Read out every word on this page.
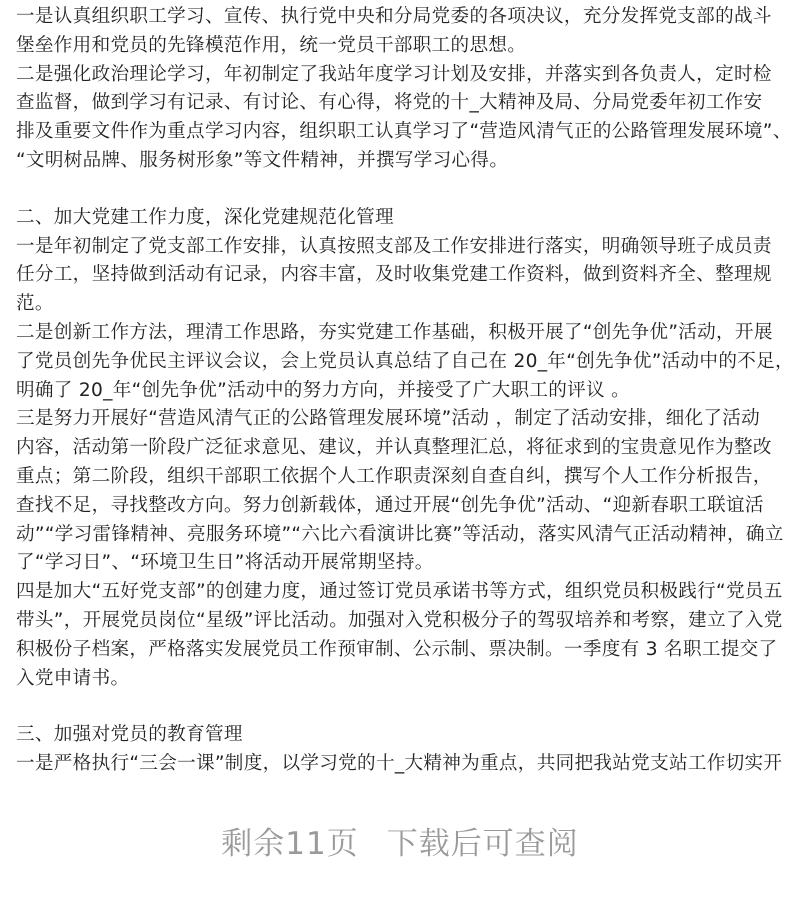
一是认真组织职工学习、宣传、执行党中央和分局党委的各项决议，充分发挥党支部的战斗
堡垒作用和党员的先锋模范作用，统一党员干部职工的思想。
二是强化政治理论学习，年初制定了我站年度学习计划及安排，并落实到各负责人，定时检
查监督，做到学习有记录、有讨论、有心得，将党的十_大精神及局、分局党委年初工作安
排及重要文件作为重点学习内容，组织职工认真学习了“营造风清气正的公路管理发展环境”、
“文明树品牌、服务树形象”等文件精神，并撰写学习心得。
二、加大党建工作力度，深化党建规范化管理
一是年初制定了党支部工作安排，认真按照支部及工作安排进行落实，明确领导班子成员责
任分工，坚持做到活动有记录，内容丰富，及时收集党建工作资料，做到资料齐全、整理规
范。
二是创新工作方法，理清工作思路，夯实党建工作基础，积极开展了“创先争优”活动，开展
了党员创先争优民主评议会议，会上党员认真总结了自己在 20_年“创先争优”活动中的不足，
明确了 20_年“创先争优”活动中的努力方向，并接受了广大职工的评议 。
三是努力开展好“营造风清气正的公路管理发展环境”活动 ，制定了活动安排，细化了活动
内容，活动第一阶段广泛征求意见、建议，并认真整理汇总，将征求到的宝贵意见作为整改
重点；第二阶段，组织干部职工依据个人工作职责深刻自查自纠，撰写个人工作分析报告，
查找不足，寻找整改方向。努力创新载体，通过开展“创先争优”活动、“迎新春职工联谊活
动”“学习雷锋精神、亮服务环境”“六比六看演讲比赛”等活动，落实风清气正活动精神，确立
了“学习日”、“环境卫生日”将活动开展常期坚持。
四是加大“五好党支部”的创建力度，通过签订党员承诺书等方式，组织党员积极践行“党员五
带头”，开展党员岗位“星级”评比活动。加强对入党积极分子的驾驭培养和考察，建立了入党
积极份子档案，严格落实发展党员工作预审制、公示制、票决制。一季度有 3 名职工提交了
入党申请书。
三、加强对党员的教育管理
一是严格执行“三会一课”制度，以学习党的十_大精神为重点，共同把我站党支站工作切实开
剩余11页 下载后可查阅
